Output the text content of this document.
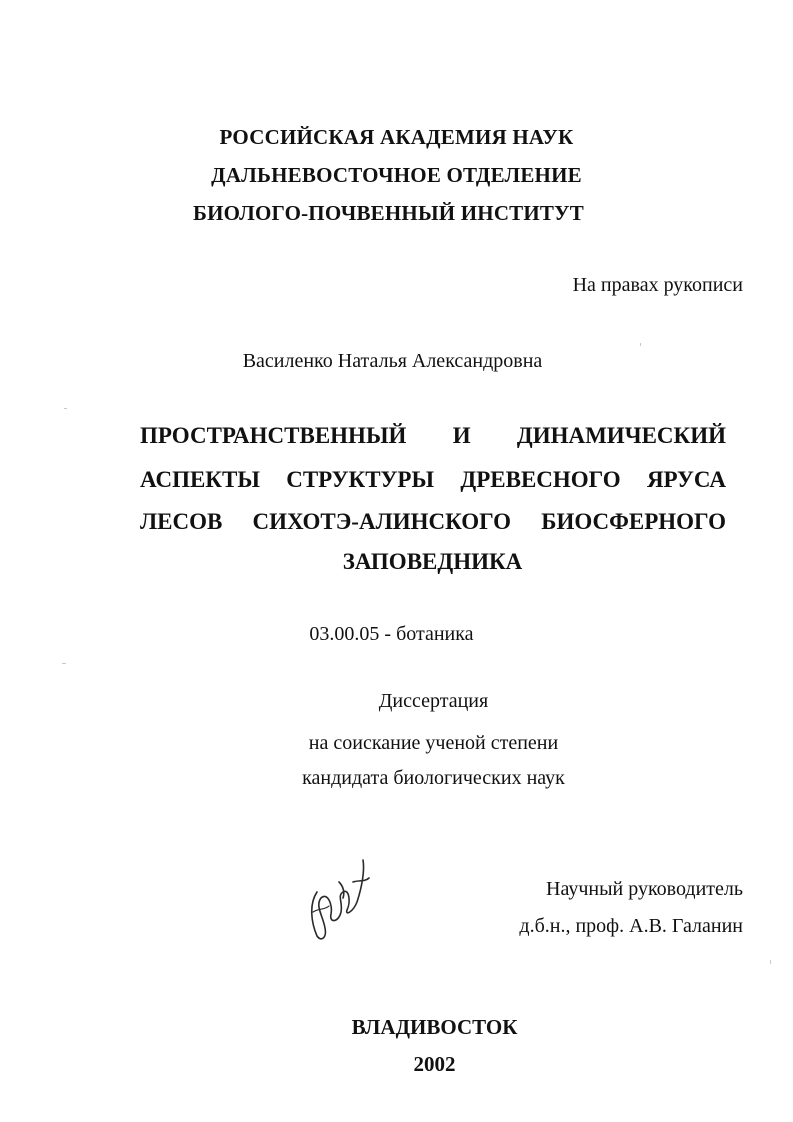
РОССИЙСКАЯ АКАДЕМИЯ НАУК
ДАЛЬНЕВОСТОЧНОЕ ОТДЕЛЕНИЕ
БИОЛОГО-ПОЧВЕННЫЙ ИНСТИТУТ
На правах рукописи
Василенко Наталья Александровна
ПРОСТРАНСТВЕННЫЙ И ДИНАМИЧЕСКИЙ
АСПЕКТЫ СТРУКТУРЫ ДРЕВЕСНОГО ЯРУСА
ЛЕСОВ СИХОТЭ-АЛИНСКОГО БИОСФЕРНОГО
ЗАПОВЕДНИКА
03.00.05 - ботаника
Диссертация
на соискание ученой степени
кандидата биологических наук
Научный руководитель
д.б.н., проф. А.В. Галанин
ВЛАДИВОСТОК
2002
